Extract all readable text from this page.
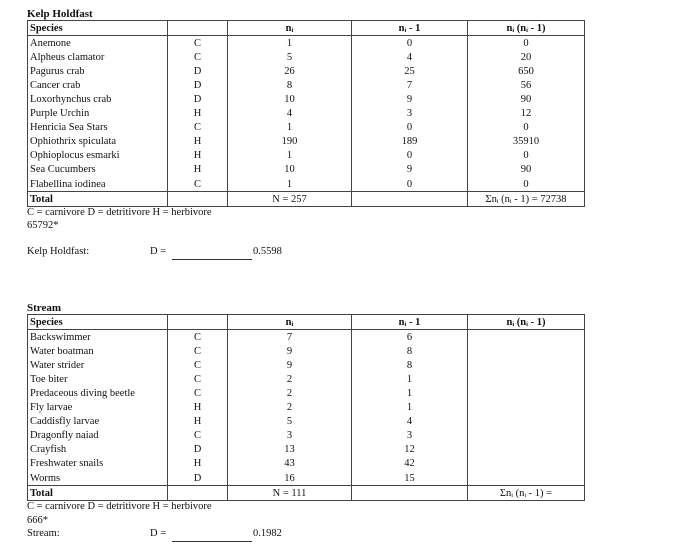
Kelp Holdfast
Species		nᵢ	nᵢ - 1	nᵢ (nᵢ - 1)
Anemone	C	1	0	0
Alpheus clamator	C	5	4	20
Pagurus crab	D	26	25	650
Cancer crab	D	8	7	56
Loxorhynchus crab	D	10	9	90
Purple Urchin	H	4	3	12
Henricia Sea Stars	C	1	0	0
Ophiothrix spiculata	H	190	189	35910
Ophioplocus esmarki	H	1	0	0
Sea Cucumbers	H	10	9	90
Flabellina iodinea	C	1	0	0
Total		N = 257		Σnᵢ (nᵢ - 1) = 72738
C = carnivore D = detritivore H = herbivore
65792*
Kelp Holdfast:	D =	0.5598
Stream
Species		nᵢ	nᵢ - 1	nᵢ (nᵢ - 1)
Backswimmer	C	7	6	
Water boatman	C	9	8	
Water strider	C	9	8	
Toe biter	C	2	1	
Predaceous diving beetle	C	2	1	
Fly larvae	H	2	1	
Caddisfly larvae	H	5	4	
Dragonfly naiad	C	3	3	
Crayfish	D	13	12	
Freshwater snails	H	43	42	
Worms	D	16	15	
Total		N = 111		Σnᵢ (nᵢ - 1) =
C = carnivore D = detritivore H = herbivore
666*
Stream:	D =	0.1982
